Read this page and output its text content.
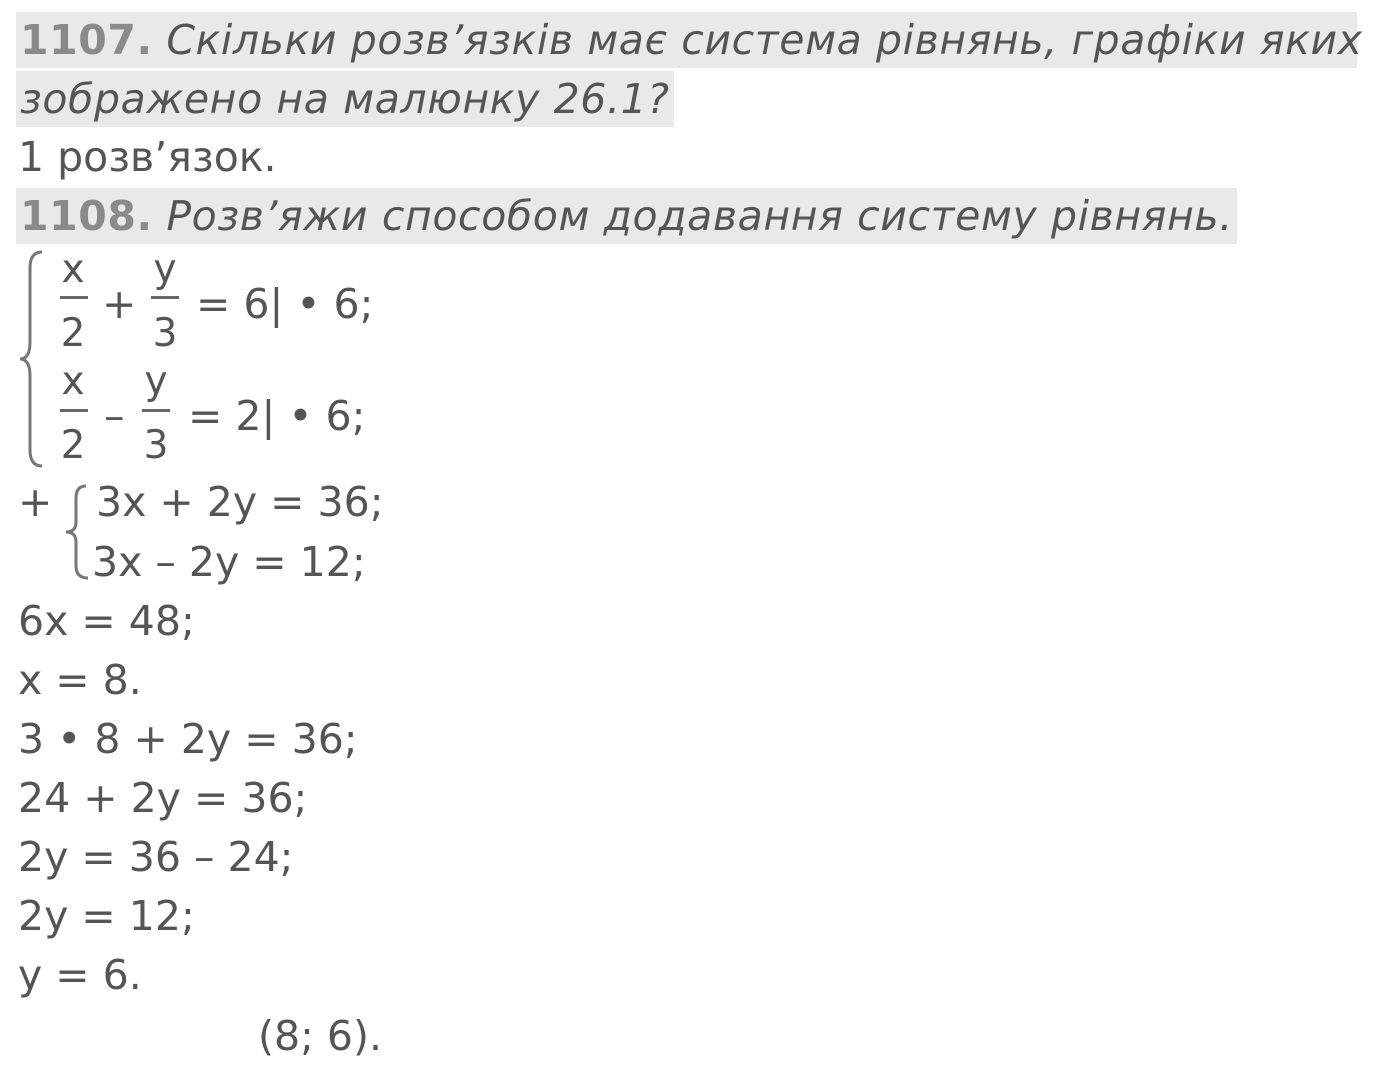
1107. Скільки розв’язків має система рівнянь, графіки яких
зображено на малюнку 26.1?
1 розв’язок.
1108. Розв’яжи способом додавання систему рівнянь.
x
2
+
y
3
= 6| • 6;
x
2
–
y
3
= 2| • 6;
+ 3x + 2y = 36;
3x – 2y = 12;
6x = 48;
x = 8.
3 • 8 + 2y = 36;
24 + 2y = 36;
2y = 36 – 24;
2y = 12;
y = 6.
(8; 6).
